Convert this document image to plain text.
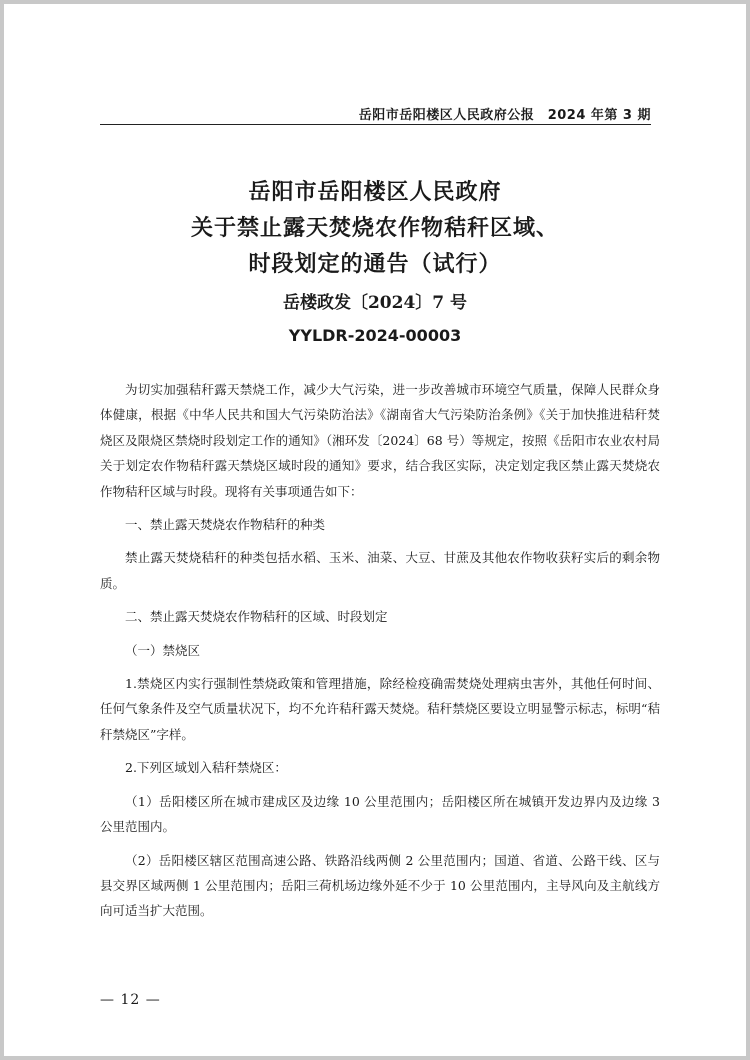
岳阳市岳阳楼区人民政府公报　2024 年第 3 期
岳阳市岳阳楼区人民政府
关于禁止露天焚烧农作物秸秆区域、
时段划定的通告（试行）
岳楼政发〔2024〕7 号
YYLDR-2024-00003

为切实加强秸秆露天禁烧工作，减少大气污染，进一步改善城市环境空气质量，保障人民群众身体健康，根据《中华人民共和国大气污染防治法》《湖南省大气污染防治条例》《关于加快推进秸秆焚烧区及限烧区禁烧时段划定工作的通知》（湘环发〔2024〕68 号）等规定，按照《岳阳市农业农村局关于划定农作物秸秆露天禁烧区域时段的通知》要求，结合我区实际，决定划定我区禁止露天焚烧农作物秸秆区域与时段。现将有关事项通告如下：

一、禁止露天焚烧农作物秸秆的种类

禁止露天焚烧秸秆的种类包括水稻、玉米、油菜、大豆、甘蔗及其他农作物收获籽实后的剩余物质。

二、禁止露天焚烧农作物秸秆的区域、时段划定

（一）禁烧区

1.禁烧区内实行强制性禁烧政策和管理措施，除经检疫确需焚烧处理病虫害外，其他任何时间、任何气象条件及空气质量状况下，均不允许秸秆露天焚烧。秸秆禁烧区要设立明显警示标志，标明“秸秆禁烧区”字样。

2.下列区域划入秸秆禁烧区：

（1）岳阳楼区所在城市建成区及边缘 10 公里范围内；岳阳楼区所在城镇开发边界内及边缘 3 公里范围内。

（2）岳阳楼区辖区范围高速公路、铁路沿线两侧 2 公里范围内；国道、省道、公路干线、区与县交界区域两侧 1 公里范围内；岳阳三荷机场边缘外延不少于 10 公里范围内，主导风向及主航线方向可适当扩大范围。

— 12 —
